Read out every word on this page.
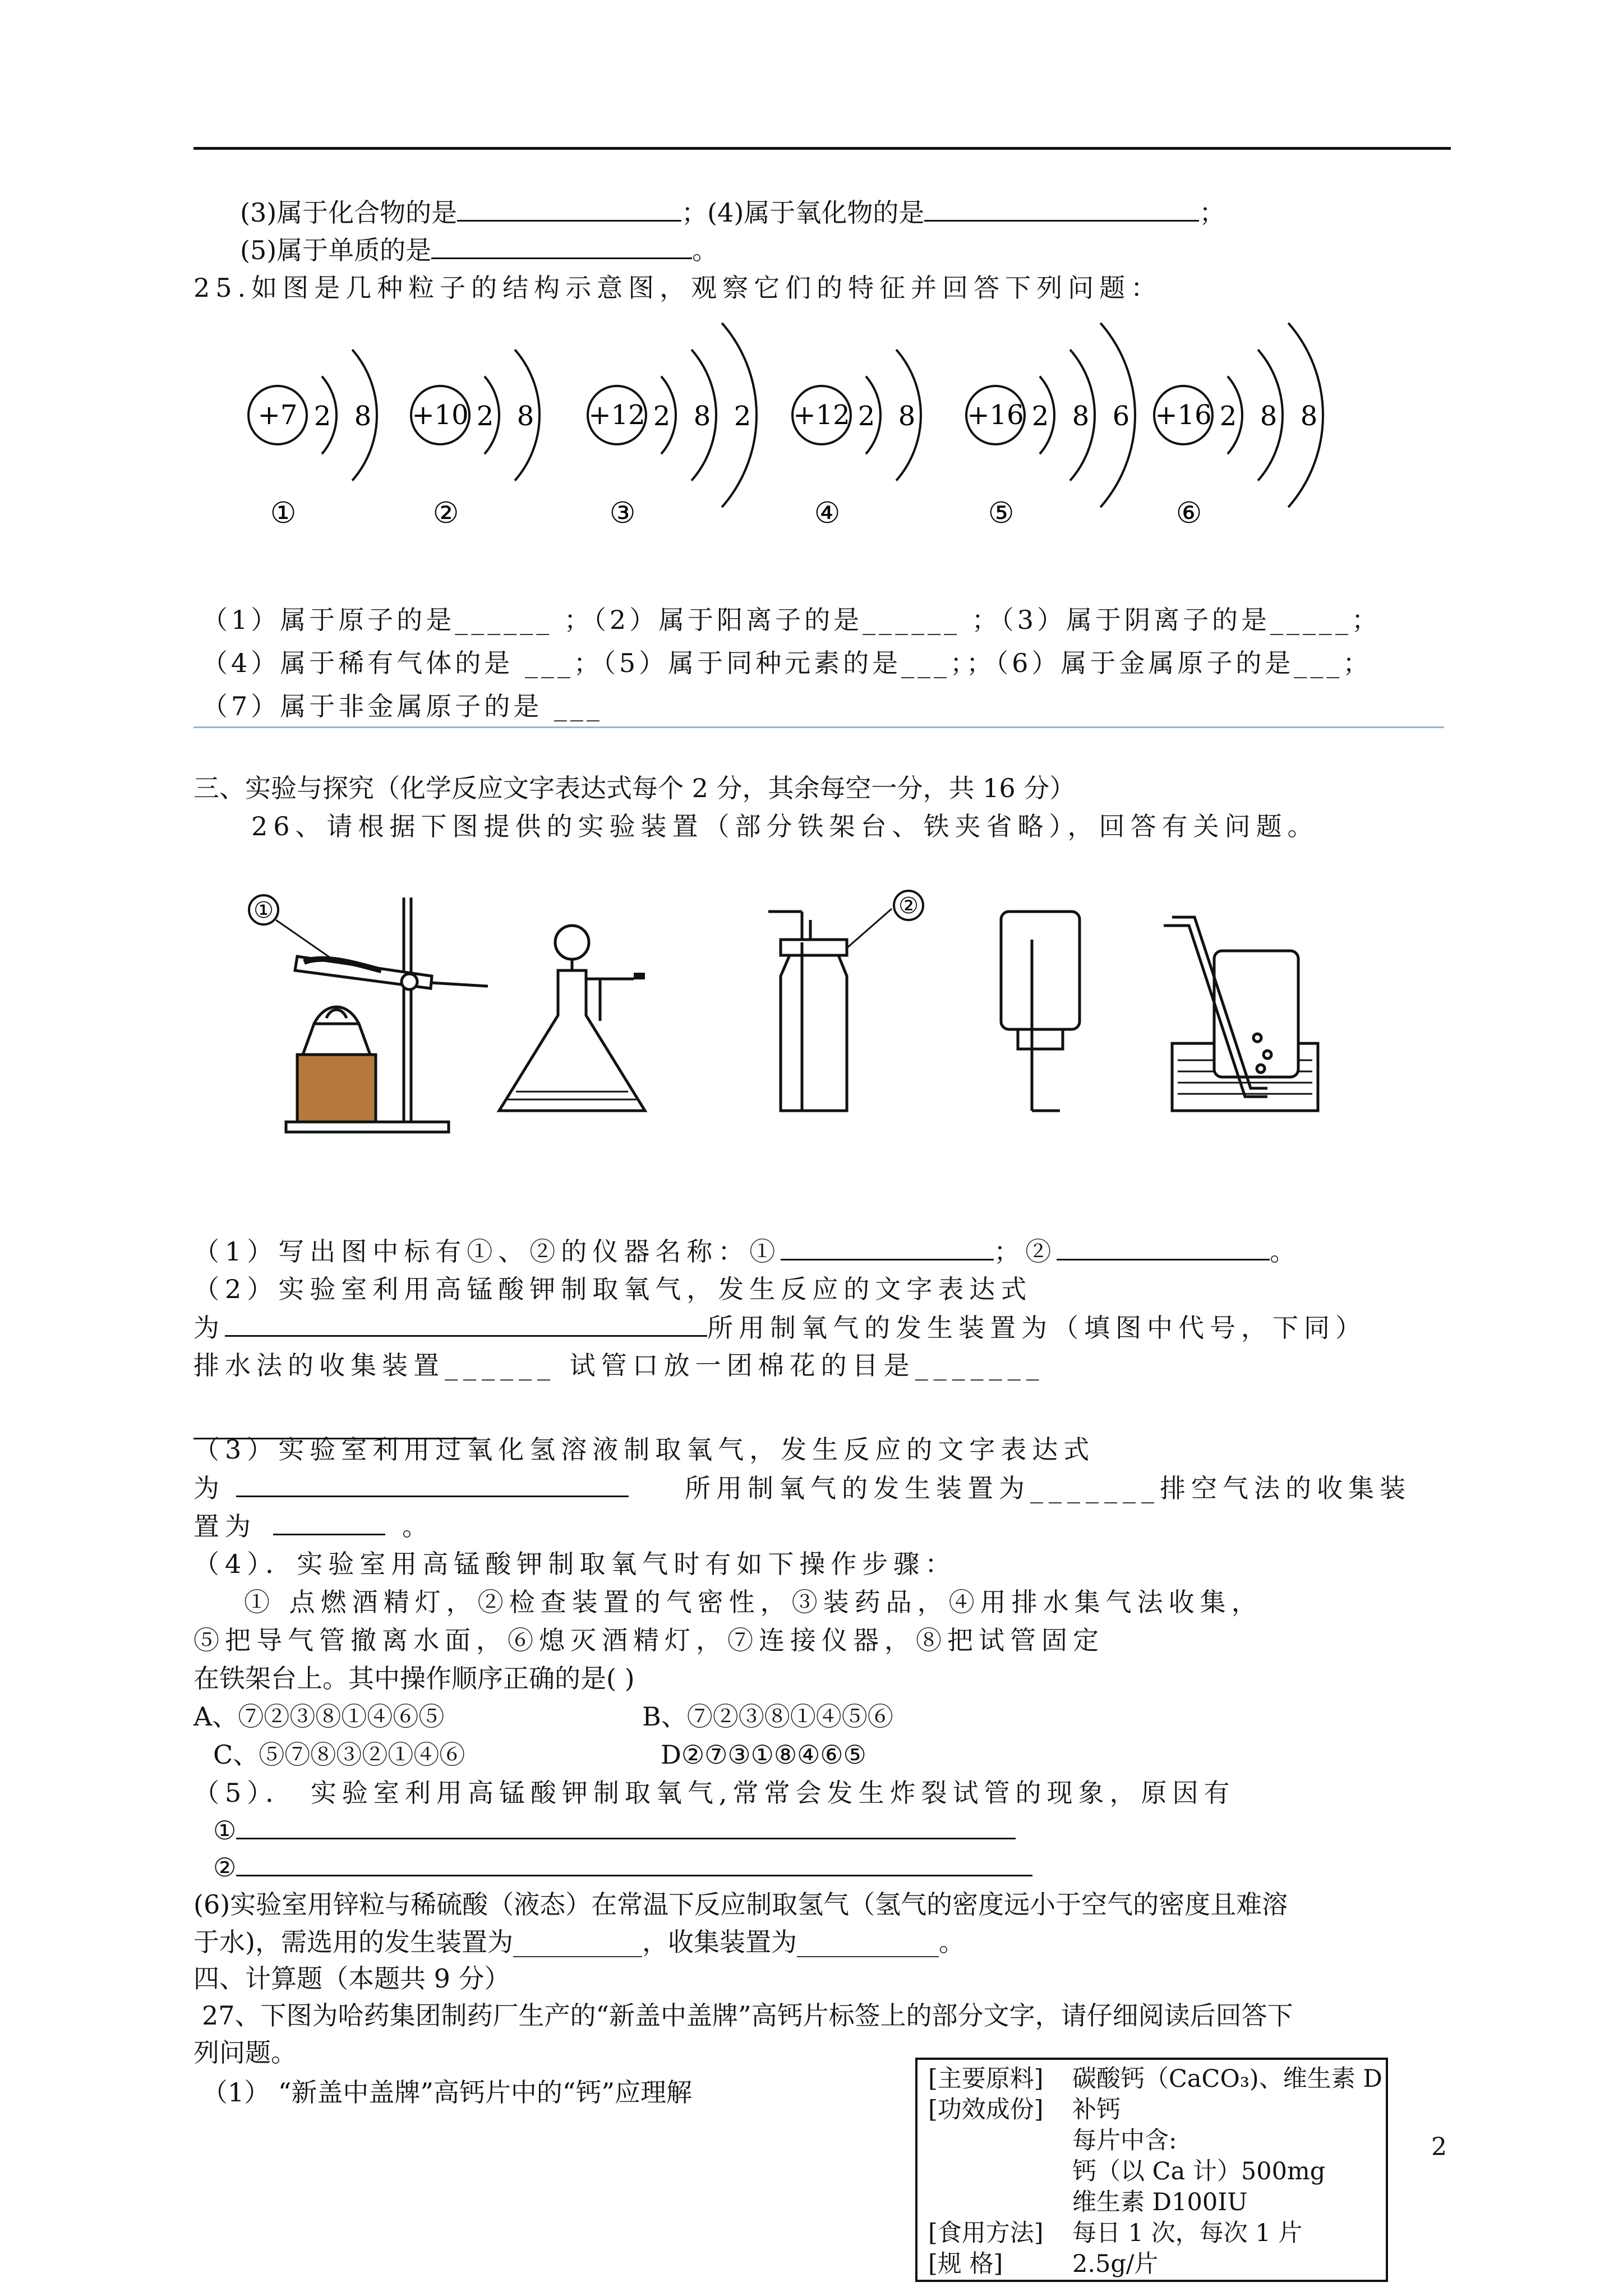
(3)属于化合物的是	；(4)属于氧化物的是	；
(5)属于单质的是	。
25.如图是几种粒子的结构示意图，观察它们的特征并回答下列问题：
+7 2 8
①
+10 2 8
②
+12 2 8 2
③
+12 2 8
④
+16 2 8 6
⑤
+16 2 8 8
⑥
（1）属于原子的是______ ；（2）属于阳离子的是______ ；（3）属于阴离子的是_____；
（4）属于稀有气体的是 ___；（5）属于同种元素的是___；；（6）属于金属原子的是___；
（7）属于非金属原子的是 ___
三、实验与探究（化学反应文字表达式每个 2 分，其余每空一分，共 16 分）
26、请根据下图提供的实验装置（部分铁架台、铁夹省略），回答有关问题。
①	②
（1）写出图中标有①、②的仪器名称：①	；②	。
（2）实验室利用高锰酸钾制取氧气，发生反应的文字表达式
为	所用制氧气的发生装置为（填图中代号，下同）
排水法的收集装置______ 试管口放一团棉花的目是_______
（3）实验室利用过氧化氢溶液制取氧气，发生反应的文字表达式
为	所用制氧气的发生装置为_______排空气法的收集装
置为	。
（4）．实验室用高锰酸钾制取氧气时有如下操作步骤：
① 点燃酒精灯，②检查装置的气密性，③装药品，④用排水集气法收集，
⑤把导气管撤离水面，⑥熄灭酒精灯，⑦连接仪器，⑧把试管固定
在铁架台上。其中操作顺序正确的是( )
A、⑦②③⑧①④⑥⑤	B、⑦②③⑧①④⑤⑥
C、⑤⑦⑧③②①④⑥	D②⑦③①⑧④⑥⑤
（5）． 实验室利用高锰酸钾制取氧气,常常会发生炸裂试管的现象，原因有
①
②
(6)实验室用锌粒与稀硫酸（液态）在常温下反应制取氢气（氢气的密度远小于空气的密度且难溶
于水)，需选用的发生装置为__________，收集装置为___________。
四、计算题（本题共 9 分）
27、下图为哈药集团制药厂生产的“新盖中盖牌”高钙片标签上的部分文字，请仔细阅读后回答下
列问题。
（1） “新盖中盖牌”高钙片中的“钙”应理解	[主要原料] 碳酸钙（CaCO₃)、维生素 D
[功效成份] 补钙
每片中含:
钙（以 Ca 计）500mg
维生素 D100IU
[食用方法] 每日 1 次，每次 1 片
[规 格]	2.5g/片
2
